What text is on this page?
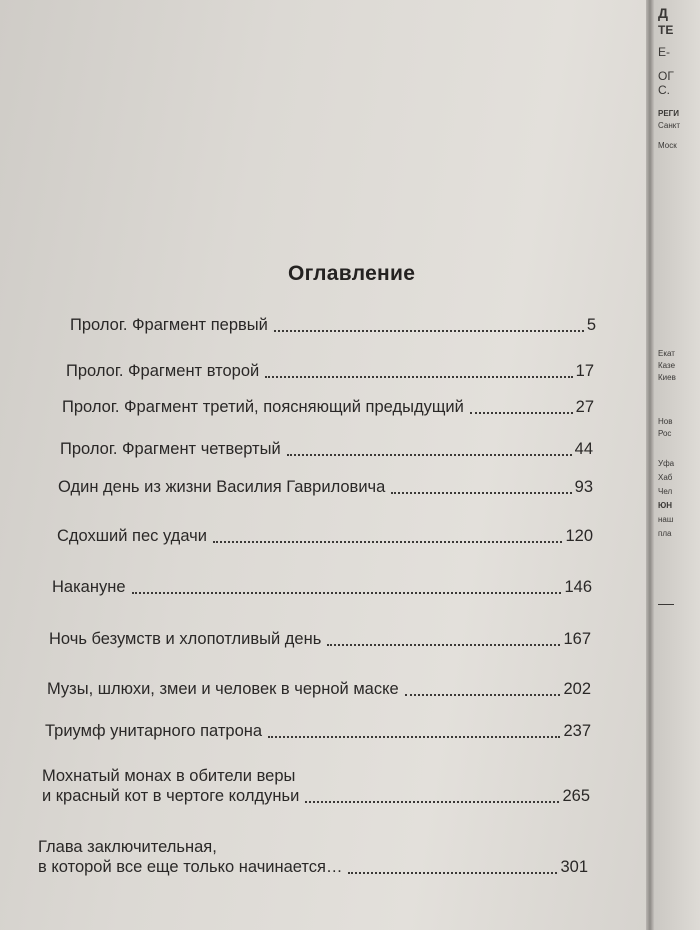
Оглавление
Пролог. Фрагмент первый	5
Пролог. Фрагмент второй	17
Пролог. Фрагмент третий, поясняющий предыдущий	27
Пролог. Фрагмент четвертый	44
Один день из жизни Василия Гавриловича	93
Сдохший пес удачи	120
Накануне	146
Ночь безумств и хлопотливый день	167
Музы, шлюхи, змеи и человек в черной маске	202
Триумф унитарного патрона	237
Мохнатый монах в обители веры
и красный кот в чертоге колдуньи	265
Глава заключительная,
в которой все еще только начинается…	301
Д
ТЕ
Е-
ОГ
С.
РЕГИ
Санкт
Моск
Екат
Казе
Киев
Нов
Рос
Уфа
Хаб
Чел
ЮН
наш
пла
